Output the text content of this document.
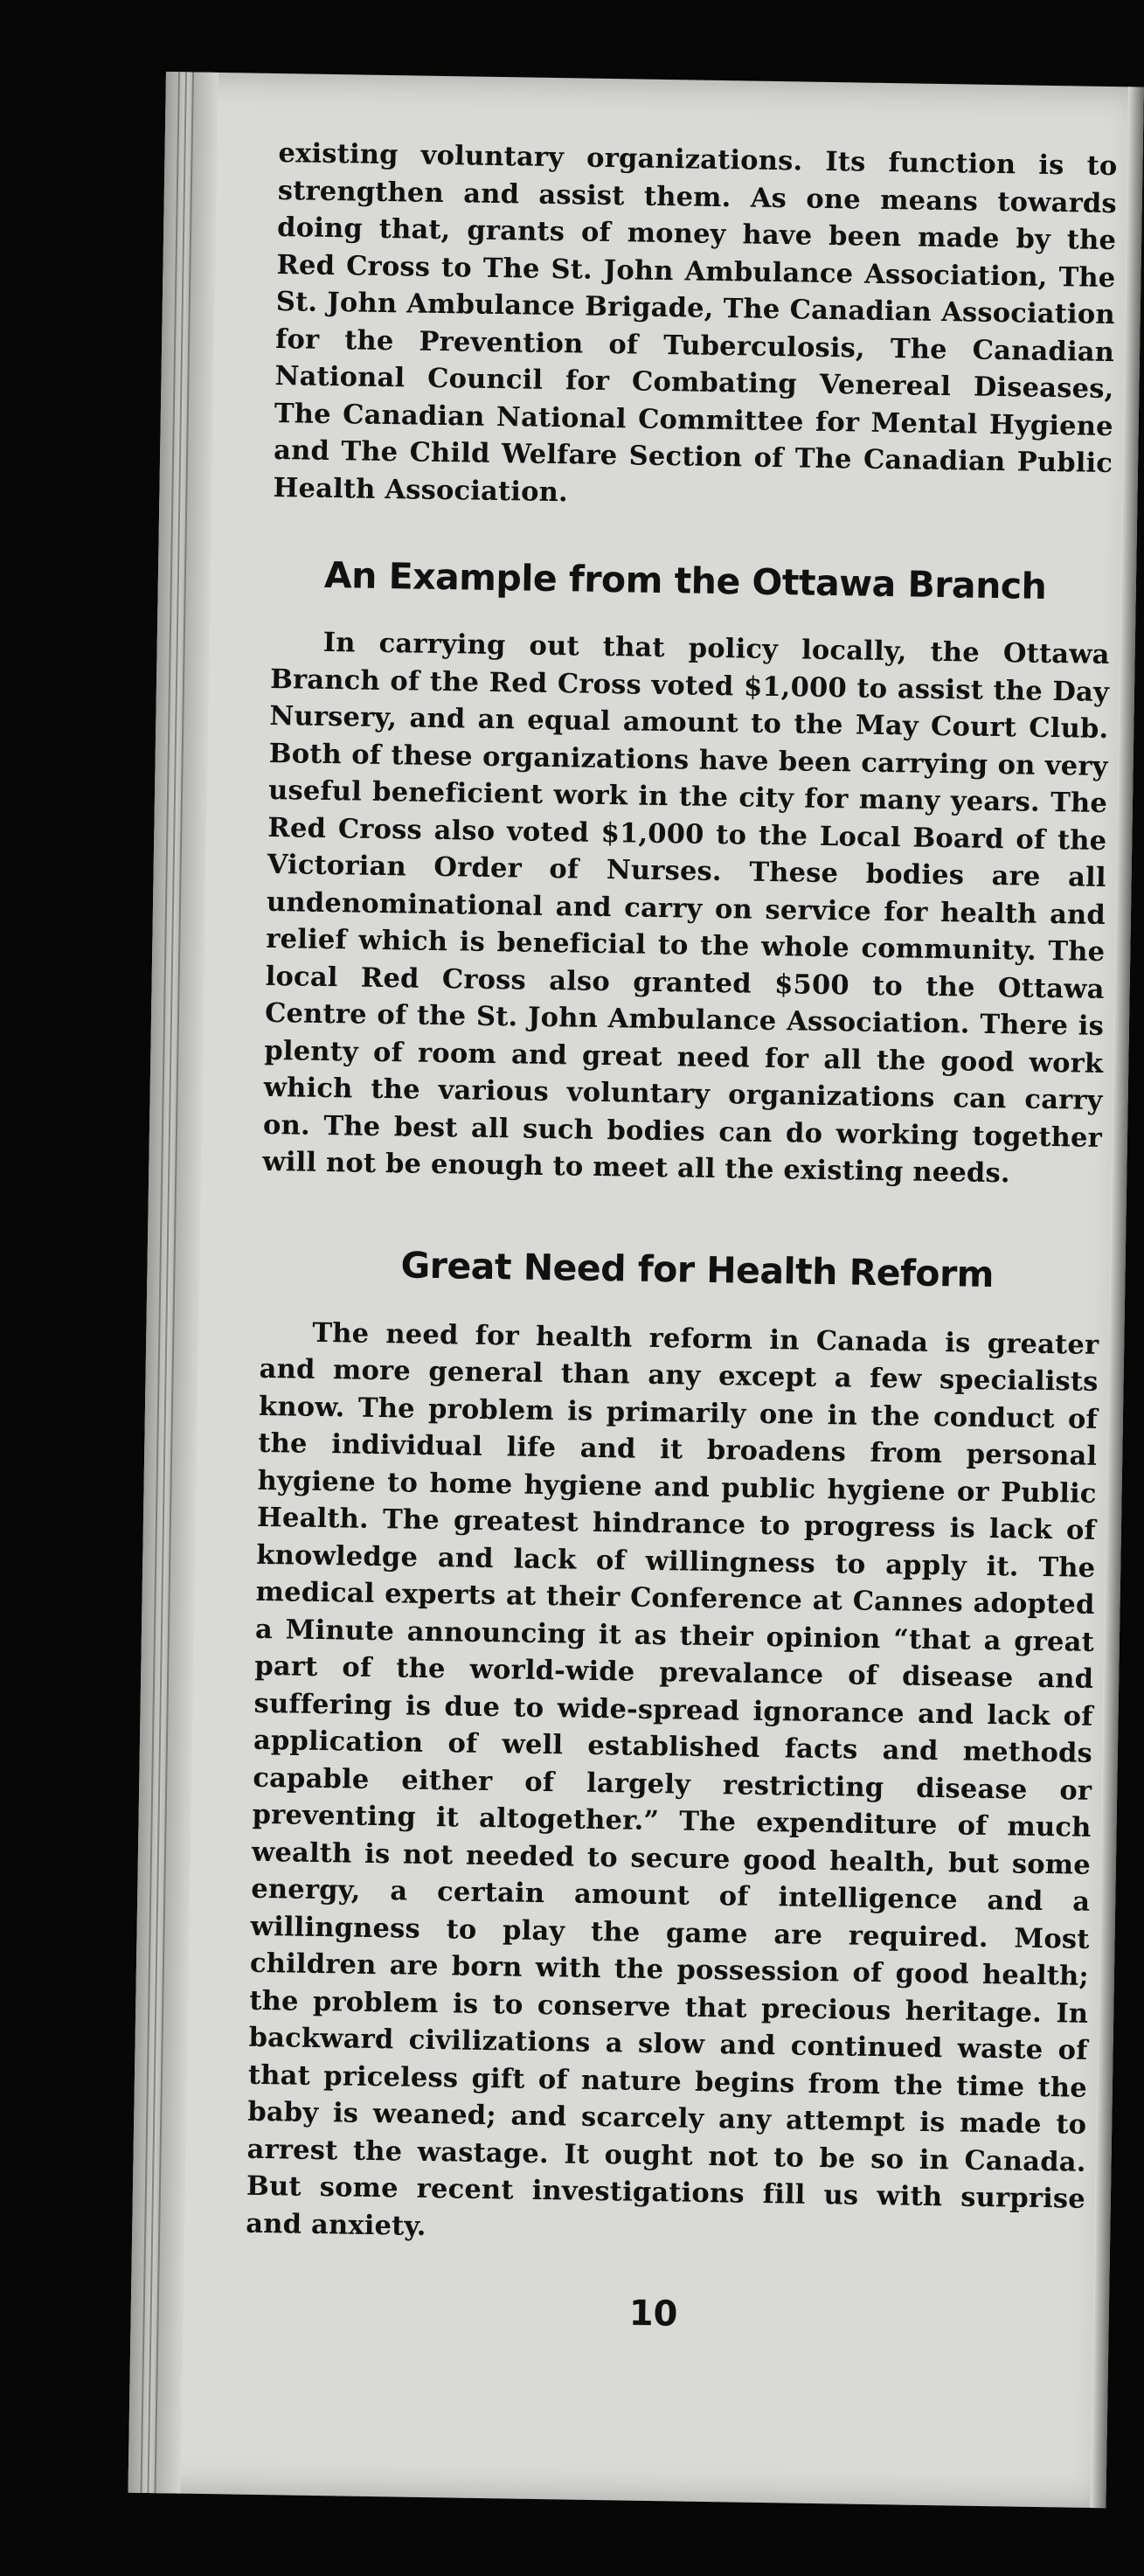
existing voluntary organizations. Its function is to strengthen and assist them. As one means towards doing that, grants of money have been made by the Red Cross to The St. John Ambulance Association, The St. John Ambulance Brigade, The Canadian Association for the Prevention of Tuberculosis, The Canadian National Council for Combating Venereal Diseases, The Canadian National Committee for Mental Hygiene and The Child Welfare Section of The Canadian Public Health Association.

An Example from the Ottawa Branch

In carrying out that policy locally, the Ottawa Branch of the Red Cross voted $1,000 to assist the Day Nursery, and an equal amount to the May Court Club. Both of these organizations have been carrying on very useful beneficient work in the city for many years. The Red Cross also voted $1,000 to the Local Board of the Victorian Order of Nurses. These bodies are all undenominational and carry on service for health and relief which is beneficial to the whole community. The local Red Cross also granted $500 to the Ottawa Centre of the St. John Ambulance Association. There is plenty of room and great need for all the good work which the various voluntary organizations can carry on. The best all such bodies can do working together will not be enough to meet all the existing needs.

Great Need for Health Reform

The need for health reform in Canada is greater and more general than any except a few specialists know. The problem is primarily one in the conduct of the individual life and it broadens from personal hygiene to home hygiene and public hygiene or Public Health. The greatest hindrance to progress is lack of knowledge and lack of willingness to apply it. The medical experts at their Conference at Cannes adopted a Minute announcing it as their opinion “that a great part of the world-wide prevalance of disease and suffering is due to wide-spread ignorance and lack of application of well established facts and methods capable either of largely restricting disease or preventing it altogether.” The expenditure of much wealth is not needed to secure good health, but some energy, a certain amount of intelligence and a willingness to play the game are required. Most children are born with the possession of good health; the problem is to conserve that precious heritage. In backward civilizations a slow and continued waste of that priceless gift of nature begins from the time the baby is weaned; and scarcely any attempt is made to arrest the wastage. It ought not to be so in Canada. But some recent investigations fill us with surprise and anxiety.

10
